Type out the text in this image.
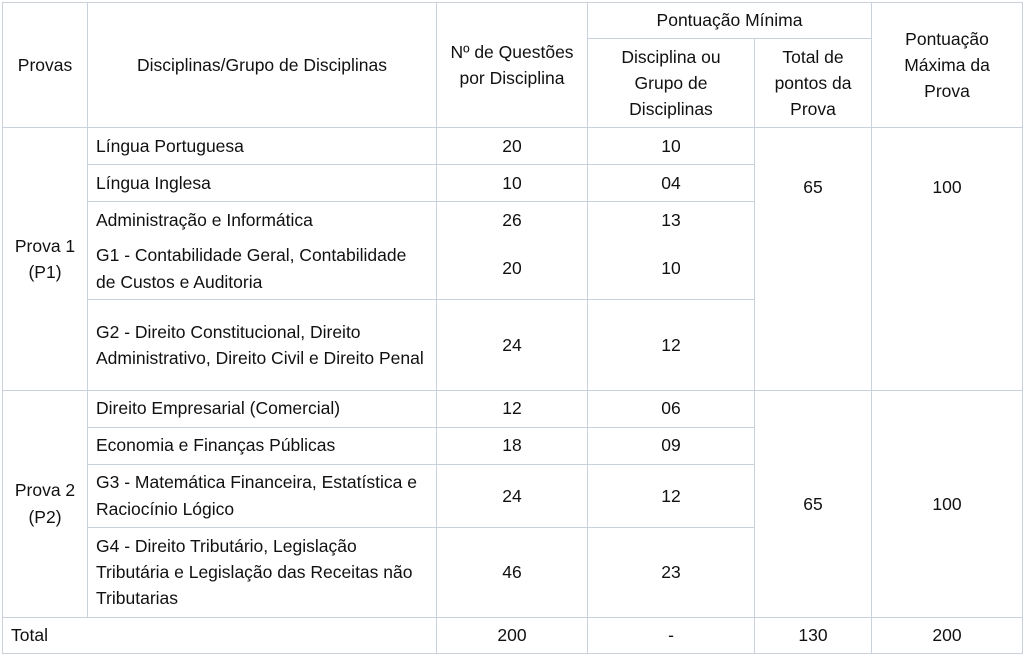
Provas	Disciplinas/Grupo de Disciplinas	Nº de Questões por Disciplina	Pontuação Mínima		Pontuação Máxima da Prova
			Disciplina ou Grupo de Disciplinas	Total de pontos da Prova	
Prova 1 (P1)	Língua Portuguesa	20	10	65	100
	Língua Inglesa	10	04		
	Administração e Informática	26	13		
	G1 - Contabilidade Geral, Contabilidade de Custos e Auditoria	20	10		
	G2 - Direito Constitucional, Direito Administrativo, Direito Civil e Direito Penal	24	12		
Prova 2 (P2)	Direito Empresarial (Comercial)	12	06	65	100
	Economia e Finanças Públicas	18	09		
	G3 - Matemática Financeira, Estatística e Raciocínio Lógico	24	12		
	G4 - Direito Tributário, Legislação Tributária e Legislação das Receitas não Tributarias	46	23		
Total		200	-	130	200
